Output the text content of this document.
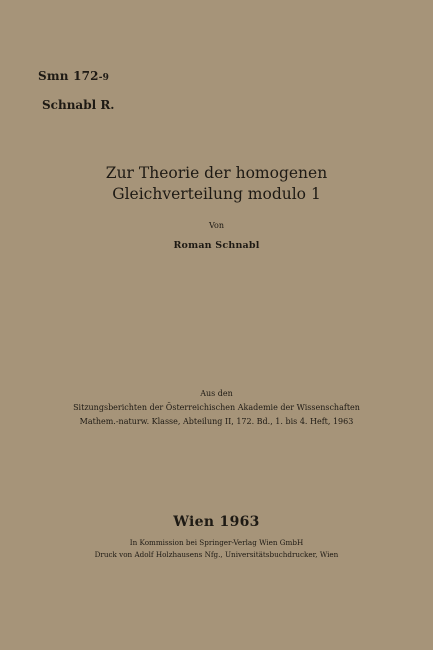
Smn 172-9
Schnabl R.
Zur Theorie der homogenen
Gleichverteilung modulo 1
Von
Roman Schnabl
Aus den
Sitzungsberichten der Österreichischen Akademie der Wissenschaften
Mathem.-naturw. Klasse, Abteilung II, 172. Bd., 1. bis 4. Heft, 1963
Wien 1963
In Kommission bei Springer-Verlag Wien GmbH
Druck von Adolf Holzhausens Nfg., Universitätsbuchdrucker, Wien
